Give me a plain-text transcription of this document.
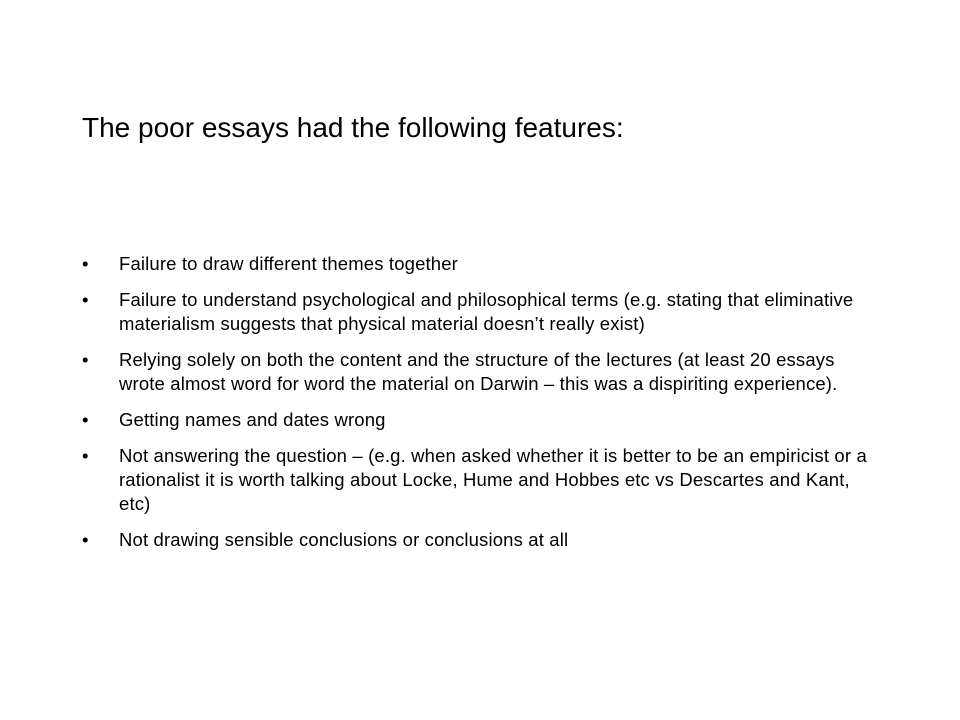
The poor essays had the following features:
• Failure to draw different themes together
• Failure to understand psychological and philosophical terms (e.g. stating that eliminative materialism suggests that physical material doesn’t really exist)
• Relying solely on both the content and the structure of the lectures (at least 20 essays wrote almost word for word the material on Darwin – this was a dispiriting experience).
• Getting names and dates wrong
• Not answering the question – (e.g. when asked whether it is better to be an empiricist or a rationalist it is worth talking about Locke, Hume and Hobbes etc vs Descartes and Kant, etc)
• Not drawing sensible conclusions or conclusions at all
